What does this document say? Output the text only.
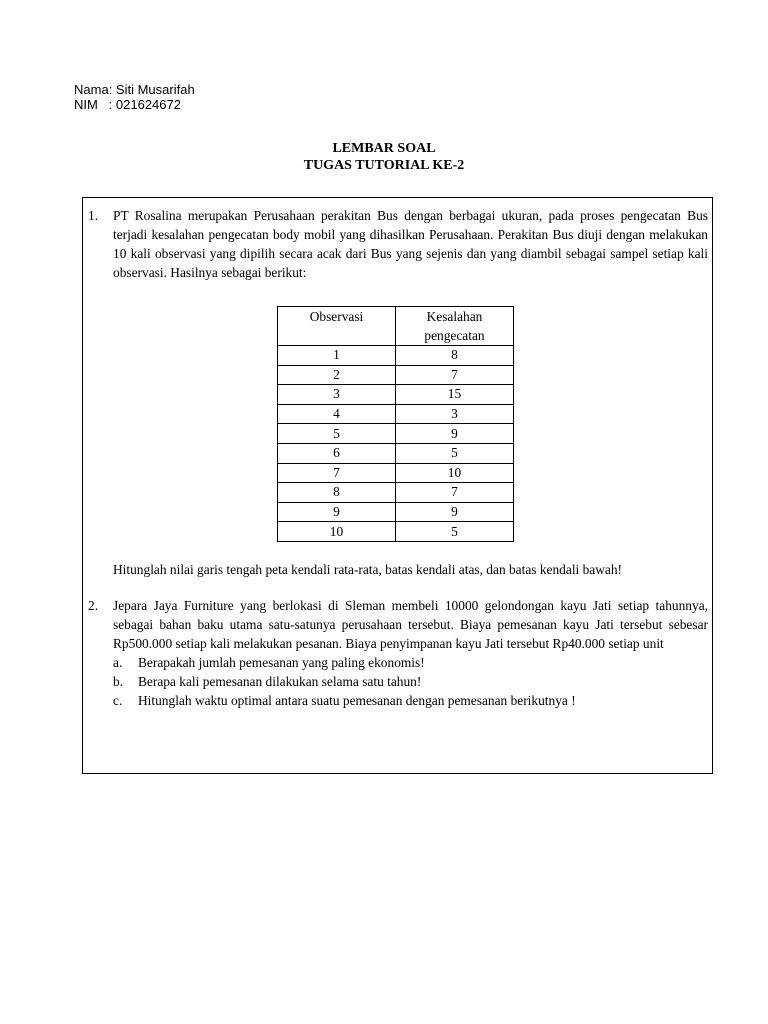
Nama: Siti Musarifah
NIM   : 021624672
LEMBAR SOAL
TUGAS TUTORIAL KE-2
1. PT Rosalina merupakan Perusahaan perakitan Bus dengan berbagai ukuran, pada proses pengecatan Bus terjadi kesalahan pengecatan body mobil yang dihasilkan Perusahaan. Perakitan Bus diuji dengan melakukan 10 kali observasi yang dipilih secara acak dari Bus yang sejenis dan yang diambil sebagai sampel setiap kali observasi. Hasilnya sebagai berikut:
Observasi	Kesalahan pengecatan
1	8
2	7
3	15
4	3
5	9
6	5
7	10
8	7
9	9
10	5
Hitunglah nilai garis tengah peta kendali rata-rata, batas kendali atas, dan batas kendali bawah!
2. Jepara Jaya Furniture yang berlokasi di Sleman membeli 10000 gelondongan kayu Jati setiap tahunnya, sebagai bahan baku utama satu-satunya perusahaan tersebut. Biaya pemesanan kayu Jati tersebut sebesar Rp500.000 setiap kali melakukan pesanan. Biaya penyimpanan kayu Jati tersebut Rp40.000 setiap unit
a. Berapakah jumlah pemesanan yang paling ekonomis!
b. Berapa kali pemesanan dilakukan selama satu tahun!
c. Hitunglah waktu optimal antara suatu pemesanan dengan pemesanan berikutnya !
